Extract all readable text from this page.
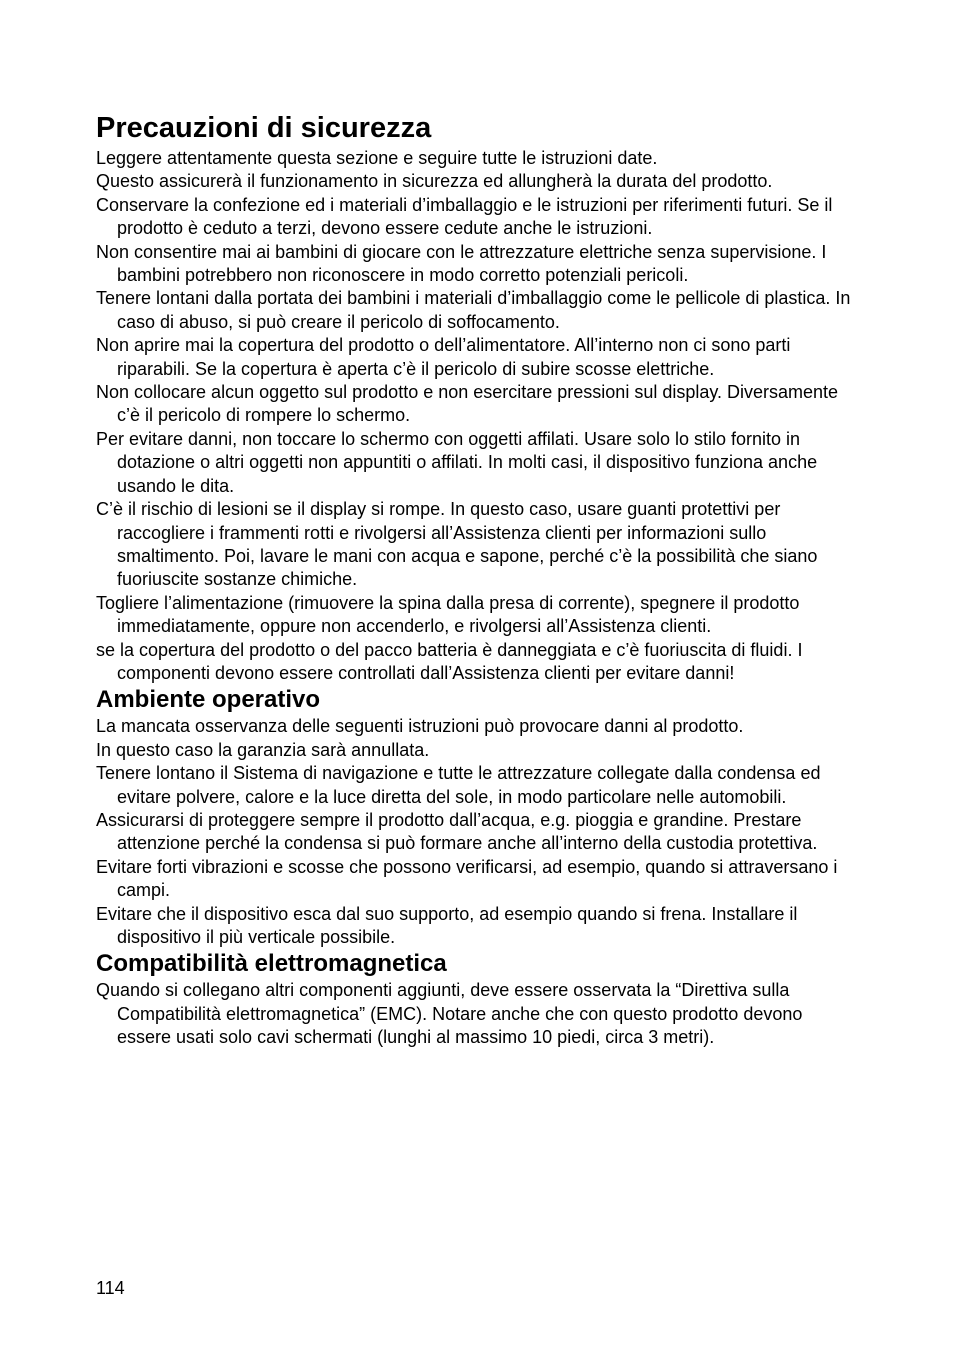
Precauzioni di sicurezza

Leggere attentamente questa sezione e seguire tutte le istruzioni date.

Questo assicurerà il funzionamento in sicurezza ed allungherà la durata del prodotto.

Conservare la confezione ed i materiali d’imballaggio e le istruzioni per riferimenti futuri. Se il prodotto è ceduto a terzi, devono essere cedute anche le istruzioni.

Non consentire mai ai bambini di giocare con le attrezzature elettriche senza supervisione. I bambini potrebbero non riconoscere in modo corretto potenziali pericoli.

Tenere lontani dalla portata dei bambini i materiali d’imballaggio come le pellicole di plastica. In caso di abuso, si può creare il pericolo di soffocamento.

Non aprire mai la copertura del prodotto o dell’alimentatore. All’interno non ci sono parti riparabili. Se la copertura è aperta c’è il pericolo di subire scosse elettriche.

Non collocare alcun oggetto sul prodotto e non esercitare pressioni sul display. Diversamente c’è il pericolo di rompere lo schermo.

Per evitare danni, non toccare lo schermo con oggetti affilati. Usare solo lo stilo fornito in dotazione o altri oggetti non appuntiti o affilati. In molti casi, il dispositivo funziona anche usando le dita.

C’è il rischio di lesioni se il display si rompe. In questo caso, usare guanti protettivi per raccogliere i frammenti rotti e rivolgersi all’Assistenza clienti per informazioni sullo smaltimento. Poi, lavare le mani con acqua e sapone, perché c’è la possibilità che siano fuoriuscite sostanze chimiche.

Togliere l’alimentazione (rimuovere la spina dalla presa di corrente), spegnere il prodotto immediatamente, oppure non accenderlo, e rivolgersi all’Assistenza clienti.

se la copertura del prodotto o del pacco batteria è danneggiata e c’è fuoriuscita di fluidi. I componenti devono essere controllati dall’Assistenza clienti per evitare danni!

Ambiente operativo

La mancata osservanza delle seguenti istruzioni può provocare danni al prodotto.

In questo caso la garanzia sarà annullata.

Tenere lontano il Sistema di navigazione e tutte le attrezzature collegate dalla condensa ed evitare polvere, calore e la luce diretta del sole, in modo particolare nelle automobili.

Assicurarsi di proteggere sempre il prodotto dall’acqua, e.g. pioggia e grandine. Prestare attenzione perché la condensa si può formare anche all’interno della custodia protettiva.

Evitare forti vibrazioni e scosse che possono verificarsi, ad esempio, quando si attraversano i campi.

Evitare che il dispositivo esca dal suo supporto, ad esempio quando si frena. Installare il dispositivo il più verticale possibile.

Compatibilità elettromagnetica

Quando si collegano altri componenti aggiunti, deve essere osservata la “Direttiva sulla Compatibilità elettromagnetica” (EMC). Notare anche che con questo prodotto devono essere usati solo cavi schermati (lunghi al massimo 10 piedi, circa 3 metri).

114
